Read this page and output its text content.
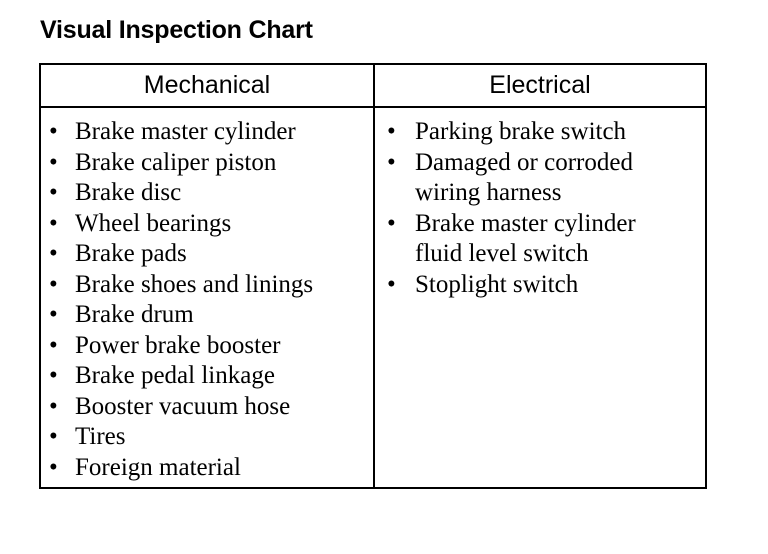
Visual Inspection Chart
Mechanical	Electrical
• Brake master cylinder
• Brake caliper piston
• Brake disc
• Wheel bearings
• Brake pads
• Brake shoes and linings
• Brake drum
• Power brake booster
• Brake pedal linkage
• Booster vacuum hose
• Tires
• Foreign material
• Parking brake switch
• Damaged or corroded
wiring harness
• Brake master cylinder
fluid level switch
• Stoplight switch
